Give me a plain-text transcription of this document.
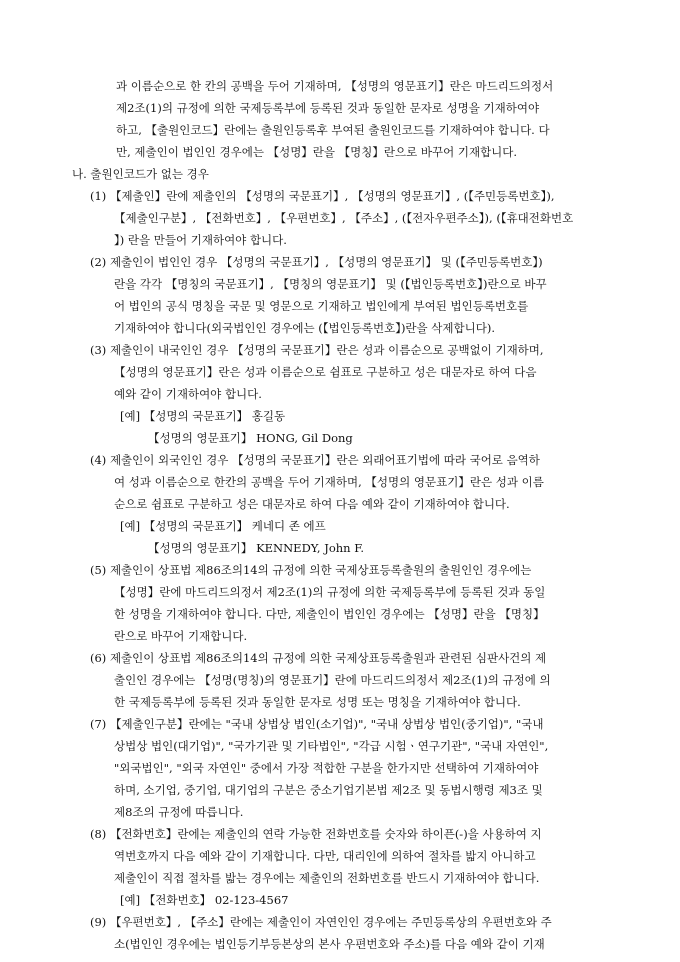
과 이름순으로 한 칸의 공백을 두어 기재하며, 【성명의 영문표기】란은 마드리드의정서
제2조(1)의 규정에 의한 국제등록부에 등록된 것과 동일한 문자로 성명을 기재하여야
하고, 【출원인코드】란에는 출원인등록후 부여된 출원인코드를 기재하여야 합니다. 다
만, 제출인이 법인인 경우에는 【성명】란을 【명칭】란으로 바꾸어 기재합니다.
나. 출원인코드가 없는 경우
(1) 【제출인】란에 제출인의 【성명의 국문표기】, 【성명의 영문표기】, (【주민등록번호】),
【제출인구분】, 【전화번호】, 【우편번호】, 【주소】, (【전자우편주소】), (【휴대전화번호
】) 란을 만들어 기재하여야 합니다.
(2) 제출인이 법인인 경우 【성명의 국문표기】, 【성명의 영문표기】 및 (【주민등록번호】)
란을 각각 【명칭의 국문표기】, 【명칭의 영문표기】 및 (【법인등록번호】)란으로 바꾸
어 법인의 공식 명칭을 국문 및 영문으로 기재하고 법인에게 부여된 법인등록번호를
기재하여야 합니다(외국법인인 경우에는 (【법인등록번호】)란을 삭제합니다).
(3) 제출인이 내국인인 경우 【성명의 국문표기】란은 성과 이름순으로 공백없이 기재하며,
【성명의 영문표기】란은 성과 이름순으로 쉼표로 구분하고 성은 대문자로 하여 다음
예와 같이 기재하여야 합니다.
[예] 【성명의 국문표기】 홍길동
【성명의 영문표기】 HONG, Gil Dong
(4) 제출인이 외국인인 경우 【성명의 국문표기】란은 외래어표기법에 따라 국어로 음역하
여 성과 이름순으로 한칸의 공백을 두어 기재하며, 【성명의 영문표기】란은 성과 이름
순으로 쉼표로 구분하고 성은 대문자로 하여 다음 예와 같이 기재하여야 합니다.
[예] 【성명의 국문표기】 케네디 존 에프
【성명의 영문표기】 KENNEDY, John F.
(5) 제출인이 상표법 제86조의14의 규정에 의한 국제상표등록출원의 출원인인 경우에는
【성명】란에 마드리드의정서 제2조(1)의 규정에 의한 국제등록부에 등록된 것과 동일
한 성명을 기재하여야 합니다. 다만, 제출인이 법인인 경우에는 【성명】란을 【명칭】
란으로 바꾸어 기재합니다.
(6) 제출인이 상표법 제86조의14의 규정에 의한 국제상표등록출원과 관련된 심판사건의 제
출인인 경우에는 【성명(명칭)의 영문표기】란에 마드리드의정서 제2조(1)의 규정에 의
한 국제등록부에 등록된 것과 동일한 문자로 성명 또는 명칭을 기재하여야 합니다.
(7) 【제출인구분】란에는 "국내 상법상 법인(소기업)", "국내 상법상 법인(중기업)", "국내
상법상 법인(대기업)", "국가기관 및 기타법인", "각급 시험ㆍ연구기관", "국내 자연인",
"외국법인", "외국 자연인" 중에서 가장 적합한 구분을 한가지만 선택하여 기재하여야
하며, 소기업, 중기업, 대기업의 구분은 중소기업기본법 제2조 및 동법시행령 제3조 및
제8조의 규정에 따릅니다.
(8) 【전화번호】란에는 제출인의 연락 가능한 전화번호를 숫자와 하이픈(-)을 사용하여 지
역번호까지 다음 예와 같이 기재합니다. 다만, 대리인에 의하여 절차를 밟지 아니하고
제출인이 직접 절차를 밟는 경우에는 제출인의 전화번호를 반드시 기재하여야 합니다.
[예] 【전화번호】 02-123-4567
(9) 【우편번호】, 【주소】란에는 제출인이 자연인인 경우에는 주민등록상의 우편번호와 주
소(법인인 경우에는 법인등기부등본상의 본사 우편번호와 주소)를 다음 예와 같이 기재
